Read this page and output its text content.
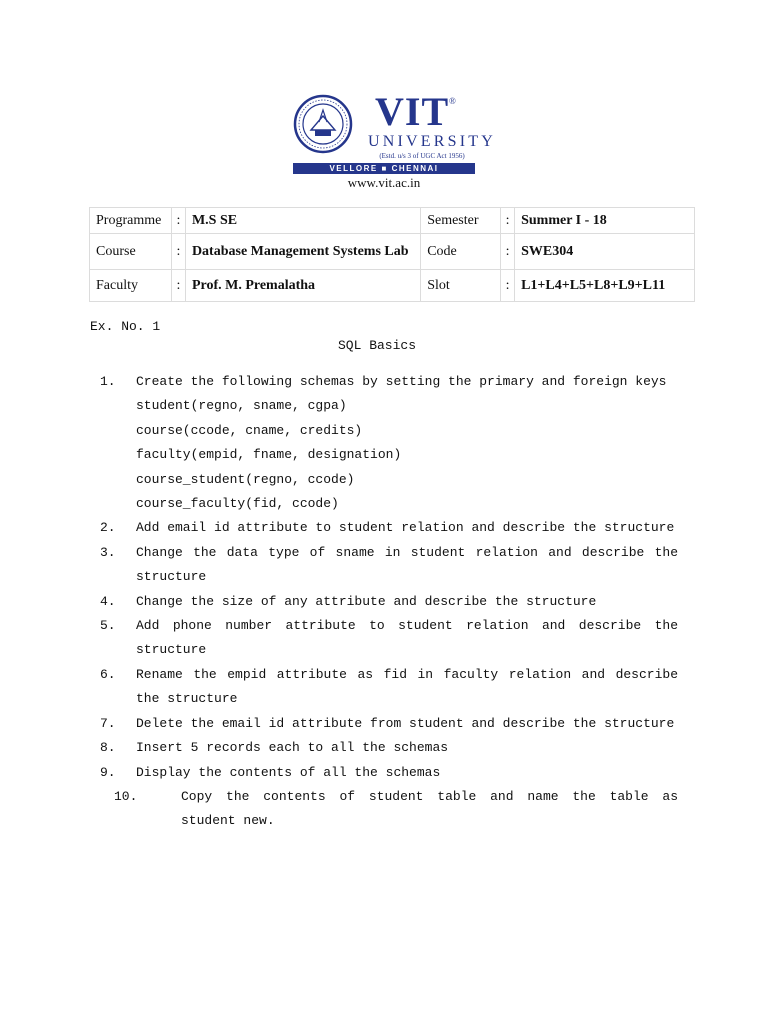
VIT ®
UNIVERSITY
(Estd. u/s 3 of UGC Act 1956)
VELLORE ■ CHENNAI
www.vit.ac.in
Programme	:	M.S SE	Semester	:	Summer I - 18
Course	:	Database Management Systems Lab	Code	:	SWE304
Faculty	:	Prof. M. Premalatha	Slot	:	L1+L4+L5+L8+L9+L11
Ex. No. 1
SQL Basics
1.	Create the following schemas by setting the primary and foreign keys
student(regno, sname, cgpa)
course(ccode, cname, credits)
faculty(empid, fname, designation)
course_student(regno, ccode)
course_faculty(fid, ccode)
2.	Add email id attribute to student relation and describe the structure
3.	Change the data type of sname in student relation and describe the structure
4.	Change the size of any attribute and describe the structure
5.	Add phone number attribute to student relation and describe the structure
6.	Rename the empid attribute as fid in faculty relation and describe the structure
7.	Delete the email id attribute from student and describe the structure
8.	Insert 5 records each to all the schemas
9.	Display the contents of all the schemas
10.	Copy the contents of student table and name the table as student new.
